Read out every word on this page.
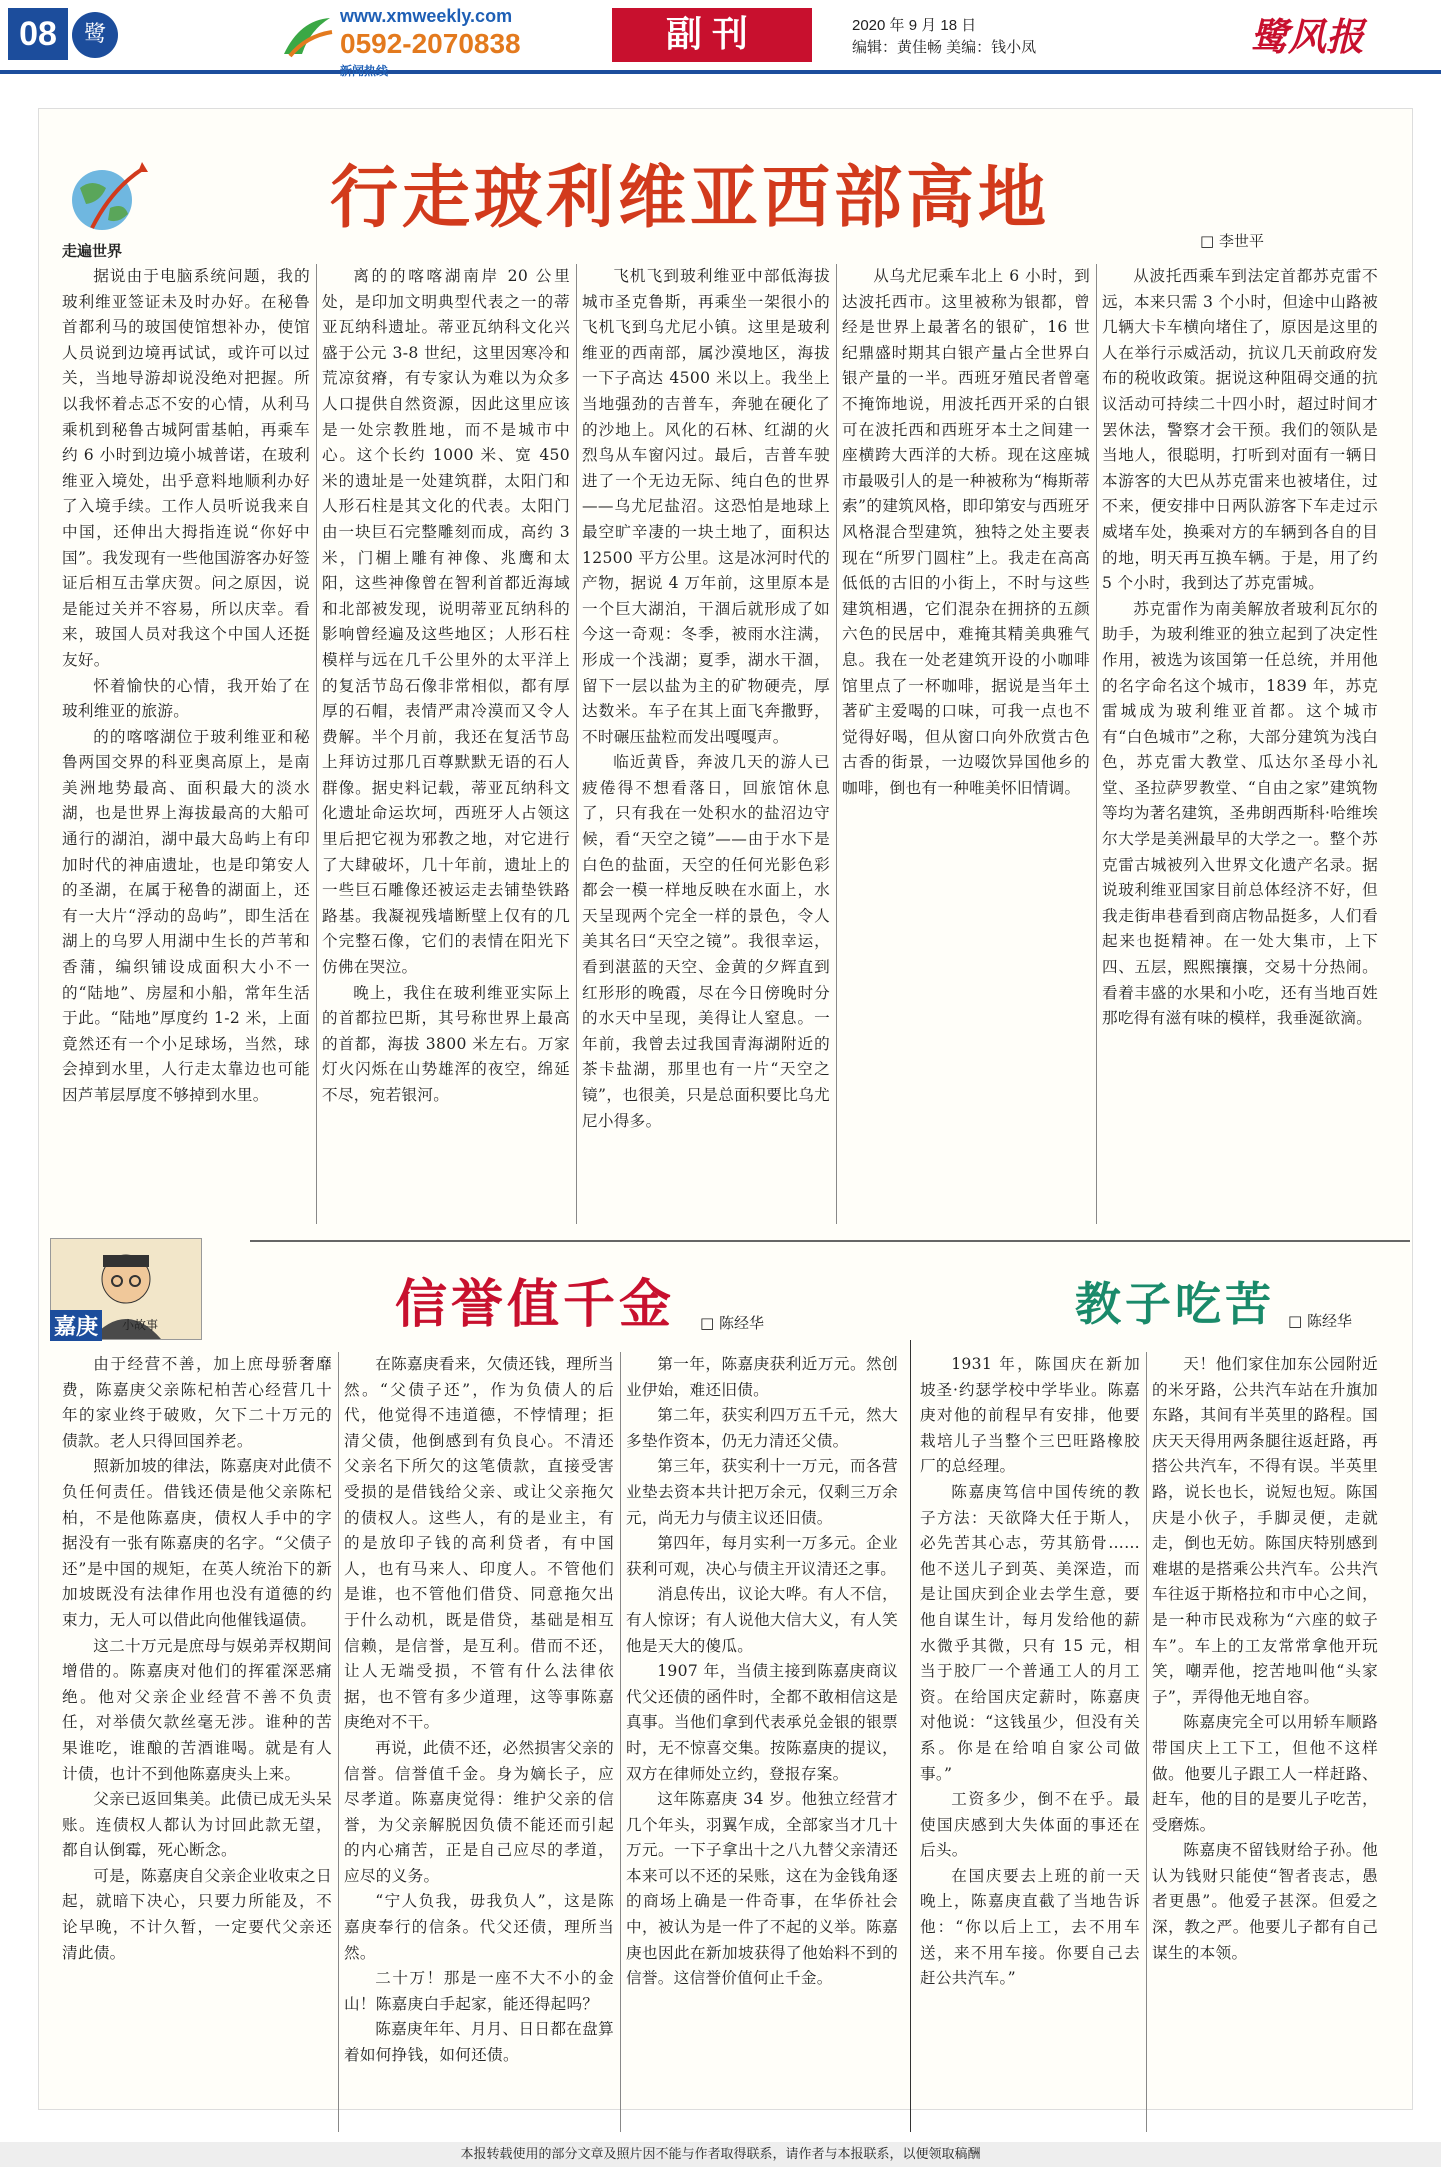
08	鹭
www.xmweekly.com
0592-2070838	副刊	2020 年 9 月 18 日
编辑：黄佳畅 美编：钱小凤	鹭风报
新闻热线
走遍世界
行走玻利维亚西部高地
□ 李世平

据说由于电脑系统问题，我的玻利维亚签证未及时办好。在秘鲁首都利马的玻国使馆想补办，使馆人员说到边境再试试，或许可以过关，当地导游却说没绝对把握。所以我怀着忐忑不安的心情，从利马乘机到秘鲁古城阿雷基帕，再乘车约 6 小时到边境小城普诺，在玻利维亚入境处，出乎意料地顺利办好了入境手续。工作人员听说我来自中国，还伸出大拇指连说“你好中国”。我发现有一些他国游客办好签证后相互击掌庆贺。问之原因，说是能过关并不容易，所以庆幸。看来，玻国人员对我这个中国人还挺友好。

怀着愉快的心情，我开始了在玻利维亚的旅游。

的的喀喀湖位于玻利维亚和秘鲁两国交界的科亚奥高原上，是南美洲地势最高、面积最大的淡水湖，也是世界上海拔最高的大船可通行的湖泊，湖中最大岛屿上有印加时代的神庙遗址，也是印第安人的圣湖，在属于秘鲁的湖面上，还有一大片“浮动的岛屿”，即生活在湖上的乌罗人用湖中生长的芦苇和香蒲，编织铺设成面积大小不一的“陆地”、房屋和小船，常年生活于此。“陆地”厚度约 1-2 米，上面竟然还有一个小足球场，当然，球会掉到水里，人行走太靠边也可能因芦苇层厚度不够掉到水里。

离的的喀喀湖南岸 20 公里处，是印加文明典型代表之一的蒂亚瓦纳科遗址。蒂亚瓦纳科文化兴盛于公元 3-8 世纪，这里因寒冷和荒凉贫瘠，有专家认为难以为众多人口提供自然资源，因此这里应该是一处宗教胜地，而不是城市中心。这个长约 1000 米、宽 450 米的遗址是一处建筑群，太阳门和人形石柱是其文化的代表。太阳门由一块巨石完整雕刻而成，高约 3 米，门楣上雕有神像、兆鹰和太阳，这些神像曾在智利首都近海域和北部被发现，说明蒂亚瓦纳科的影响曾经遍及这些地区；人形石柱模样与远在几千公里外的太平洋上的复活节岛石像非常相似，都有厚厚的石帽，表情严肃冷漠而又令人费解。半个月前，我还在复活节岛上拜访过那几百尊默默无语的石人群像。据史料记载，蒂亚瓦纳科文化遗址命运坎坷，西班牙人占领这里后把它视为邪教之地，对它进行了大肆破坏，几十年前，遗址上的一些巨石雕像还被运走去铺垫铁路路基。我凝视残墙断壁上仅有的几个完整石像，它们的表情在阳光下仿佛在哭泣。

晚上，我住在玻利维亚实际上的首都拉巴斯，其号称世界上最高的首都，海拔 3800 米左右。万家灯火闪烁在山势雄浑的夜空，绵延不尽，宛若银河。

飞机飞到玻利维亚中部低海拔城市圣克鲁斯，再乘坐一架很小的飞机飞到乌尤尼小镇。这里是玻利维亚的西南部，属沙漠地区，海拔一下子高达 4500 米以上。我坐上当地强劲的吉普车，奔驰在硬化了的沙地上。风化的石林、红湖的火烈鸟从车窗闪过。最后，吉普车驶进了一个无边无际、纯白色的世界——乌尤尼盐沼。这恐怕是地球上最空旷辛凄的一块土地了，面积达 12500 平方公里。这是冰河时代的产物，据说 4 万年前，这里原本是一个巨大湖泊，干涸后就形成了如今这一奇观：冬季，被雨水注满，形成一个浅湖；夏季，湖水干涸，留下一层以盐为主的矿物硬壳，厚达数米。车子在其上面飞奔撒野，不时碾压盐粒而发出嘎嘎声。

临近黄昏，奔波几天的游人已疲倦得不想看落日，回旅馆休息了，只有我在一处积水的盐沼边守候，看“天空之镜”——由于水下是白色的盐面，天空的任何光影色彩都会一模一样地反映在水面上，水天呈现两个完全一样的景色，令人美其名曰“天空之镜”。我很幸运，看到湛蓝的天空、金黄的夕辉直到红形形的晚霞，尽在今日傍晚时分的水天中呈现，美得让人窒息。一年前，我曾去过我国青海湖附近的茶卡盐湖，那里也有一片“天空之镜”，也很美，只是总面积要比乌尤尼小得多。

从乌尤尼乘车北上 6 小时，到达波托西市。这里被称为银都，曾经是世界上最著名的银矿，16 世纪鼎盛时期其白银产量占全世界白银产量的一半。西班牙殖民者曾毫不掩饰地说，用波托西开采的白银可在波托西和西班牙本土之间建一座横跨大西洋的大桥。现在这座城市最吸引人的是一种被称为“梅斯蒂索”的建筑风格，即印第安与西班牙风格混合型建筑，独特之处主要表现在“所罗门圆柱”上。我走在高高低低的古旧的小街上，不时与这些建筑相遇，它们混杂在拥挤的五颜六色的民居中，难掩其精美典雅气息。我在一处老建筑开设的小咖啡馆里点了一杯咖啡，据说是当年土著矿主爱喝的口味，可我一点也不觉得好喝，但从窗口向外欣赏古色古香的街景，一边啜饮异国他乡的咖啡，倒也有一种唯美怀旧情调。

从波托西乘车到法定首都苏克雷不远，本来只需 3 个小时，但途中山路被几辆大卡车横向堵住了，原因是这里的人在举行示威活动，抗议几天前政府发布的税收政策。据说这种阻碍交通的抗议活动可持续二十四小时，超过时间才罢休法，警察才会干预。我们的领队是当地人，很聪明，打听到对面有一辆日本游客的大巴从苏克雷来也被堵住，过不来，便安排中日两队游客下车走过示威堵车处，换乘对方的车辆到各自的目的地，明天再互换车辆。于是，用了约 5 个小时，我到达了苏克雷城。

苏克雷作为南美解放者玻利瓦尔的助手，为玻利维亚的独立起到了决定性作用，被选为该国第一任总统，并用他的名字命名这个城市，1839 年，苏克雷城成为玻利维亚首都。这个城市有“白色城市”之称，大部分建筑为浅白色，苏克雷大教堂、瓜达尔圣母小礼堂、圣拉萨罗教堂、“自由之家”建筑物等均为著名建筑，圣弗朗西斯科·哈维埃尔大学是美洲最早的大学之一。整个苏克雷古城被列入世界文化遗产名录。据说玻利维亚国家目前总体经济不好，但我走街串巷看到商店物品挺多，人们看起来也挺精神。在一处大集市，上下四、五层，熙熙攘攘，交易十分热闹。看着丰盛的水果和小吃，还有当地百姓那吃得有滋有味的模样，我垂涎欲滴。

嘉庚	小故事	信誉值千金 □ 陈经华	教子吃苦 □ 陈经华

由于经营不善，加上庶母骄奢靡费，陈嘉庚父亲陈杞柏苦心经营几十年的家业终于破败，欠下二十万元的债款。老人只得回国养老。

照新加坡的律法，陈嘉庚对此债不负任何责任。借钱还债是他父亲陈杞柏，不是他陈嘉庚，债权人手中的字据没有一张有陈嘉庚的名字。“父债子还”是中国的规矩，在英人统治下的新加坡既没有法律作用也没有道德的约束力，无人可以借此向他催钱逼债。

这二十万元是庶母与娱弟弄权期间增借的。陈嘉庚对他们的挥霍深恶痛绝。他对父亲企业经营不善不负责任，对举债欠款丝毫无涉。谁种的苦果谁吃，谁酿的苦酒谁喝。就是有人计债，也计不到他陈嘉庚头上来。

父亲已返回集美。此债已成无头呆账。连债权人都认为讨回此款无望，都自认倒霉，死心断念。

可是，陈嘉庚自父亲企业收束之日起，就暗下决心，只要力所能及，不论早晚，不计久暂，一定要代父亲还清此债。

在陈嘉庚看来，欠债还钱，理所当然。“父债子还”，作为负债人的后代，他觉得不违道德，不悖情理；拒清父债，他倒感到有负良心。不清还父亲名下所欠的这笔债款，直接受害受损的是借钱给父亲、或让父亲拖欠的债权人。这些人，有的是业主，有的是放印子钱的高利贷者，有中国人，也有马来人、印度人。不管他们是谁，也不管他们借贷、同意拖欠出于什么动机，既是借贷，基础是相互信赖，是信誉，是互利。借而不还，让人无端受损，不管有什么法律依据，也不管有多少道理，这等事陈嘉庚绝对不干。

再说，此债不还，必然损害父亲的信誉。信誉值千金。身为嫡长子，应尽孝道。陈嘉庚觉得：维护父亲的信誉，为父亲解脱因负债不能还而引起的内心痛苦，正是自己应尽的孝道，应尽的义务。

“宁人负我，毋我负人”，这是陈嘉庚奉行的信条。代父还债，理所当然。

二十万！那是一座不大不小的金山！陈嘉庚白手起家，能还得起吗？

陈嘉庚年年、月月、日日都在盘算着如何挣钱，如何还债。

第一年，陈嘉庚获利近万元。然创业伊始，难还旧债。

第二年，获实利四万五千元，然大多垫作资本，仍无力清还父债。

第三年，获实利十一万元，而各营业垫去资本共计把万余元，仅剩三万余元，尚无力与债主议还旧债。

第四年，每月实利一万多元。企业获利可观，决心与债主开议清还之事。

消息传出，议论大哗。有人不信，有人惊讶；有人说他大信大义，有人笑他是天大的傻瓜。

1907 年，当债主接到陈嘉庚商议代父还债的函件时，全都不敢相信这是真事。当他们拿到代表承兑金银的银票时，无不惊喜交集。按陈嘉庚的提议，双方在律师处立约，登报存案。

这年陈嘉庚 34 岁。他独立经营才几个年头，羽翼乍成，全部家当才几十万元。一下子拿出十之八九替父亲清还本来可以不还的呆账，这在为金钱角逐的商场上确是一件奇事，在华侨社会中，被认为是一件了不起的义举。陈嘉庚也因此在新加坡获得了他始料不到的信誉。这信誉价值何止千金。

1931 年，陈国庆在新加坡圣·约瑟学校中学毕业。陈嘉庚对他的前程早有安排，他要栽培儿子当整个三巴旺路橡胶厂的总经理。

陈嘉庚笃信中国传统的教子方法：天欲降大任于斯人，必先苦其心志，劳其筋骨……他不送儿子到英、美深造，而是让国庆到企业去学生意，要他自谋生计，每月发给他的薪水微乎其微，只有 15 元，相当于胶厂一个普通工人的月工资。在给国庆定薪时，陈嘉庚对他说：“这钱虽少，但没有关系。你是在给咱自家公司做事。”

工资多少，倒不在乎。最使国庆感到大失体面的事还在后头。

在国庆要去上班的前一天晚上，陈嘉庚直截了当地告诉他：“你以后上工，去不用车送，来不用车接。你要自己去赶公共汽车。”

天！他们家住加东公园附近的米牙路，公共汽车站在升旗加东路，其间有半英里的路程。国庆天天得用两条腿往返赶路，再搭公共汽车，不得有误。半英里路，说长也长，说短也短。陈国庆是小伙子，手脚灵便，走就走，倒也无妨。陈国庆特别感到难堪的是搭乘公共汽车。公共汽车往返于斯格拉和市中心之间，是一种市民戏称为“六座的蚊子车”。车上的工友常常拿他开玩笑，嘲弄他，挖苦地叫他“头家子”，弄得他无地自容。

陈嘉庚完全可以用轿车顺路带国庆上工下工，但他不这样做。他要儿子跟工人一样赶路、赶车，他的目的是要儿子吃苦，受磨炼。

陈嘉庚不留钱财给子孙。他认为钱财只能使“智者丧志，愚者更愚”。他爱子甚深。但爱之深，教之严。他要儿子都有自己谋生的本领。

本报转载使用的部分文章及照片因不能与作者取得联系，请作者与本报联系，以便领取稿酬
